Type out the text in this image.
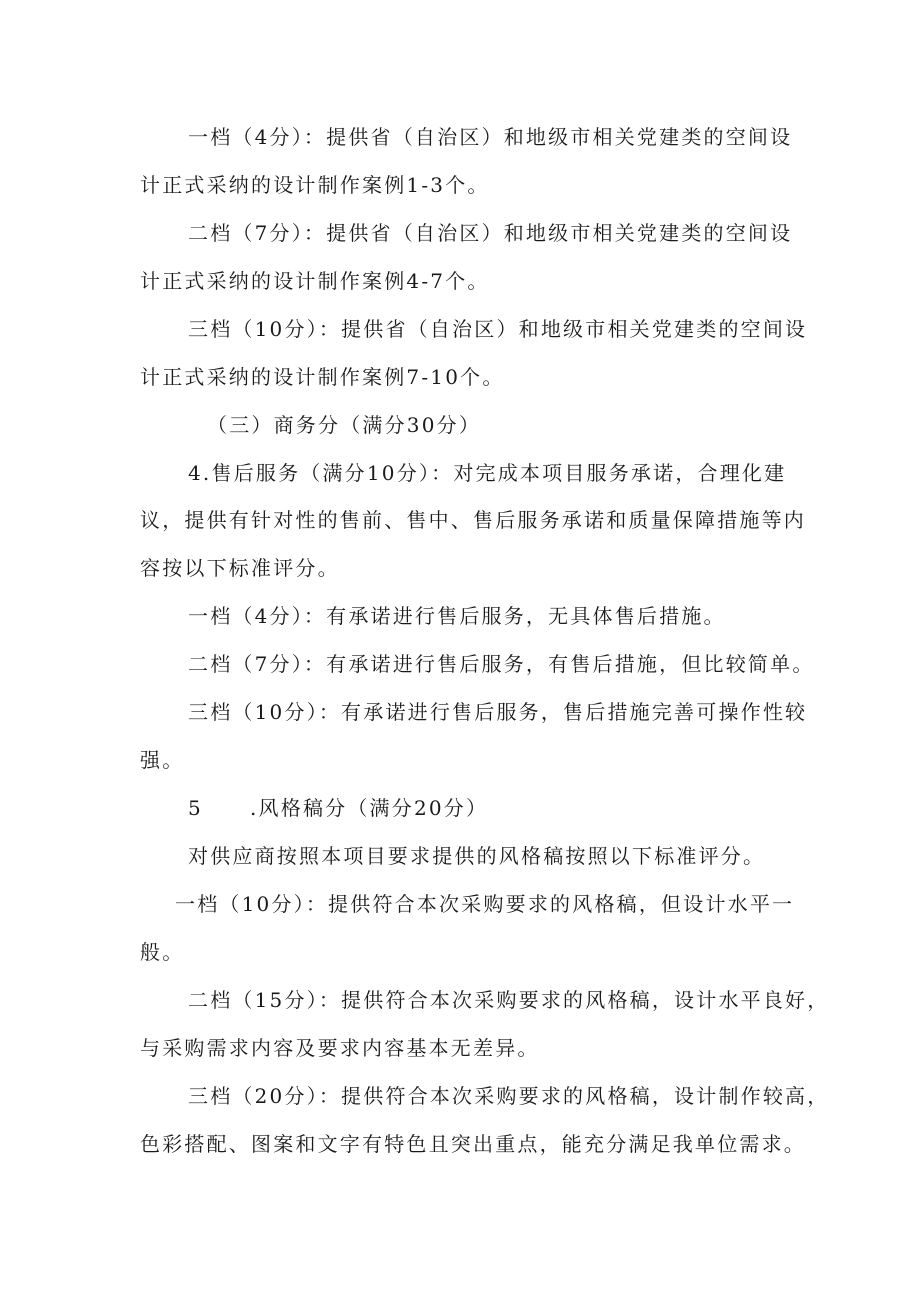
一档（4分）：提供省（自治区）和地级市相关党建类的空间设
计正式采纳的设计制作案例1-3个。
二档（7分）：提供省（自治区）和地级市相关党建类的空间设
计正式采纳的设计制作案例4-7个。
三档（10分）：提供省（自治区）和地级市相关党建类的空间设
计正式采纳的设计制作案例7-10个。
（三）商务分（满分30分）
4.售后服务（满分10分）：对完成本项目服务承诺，合理化建
议，提供有针对性的售前、售中、售后服务承诺和质量保障措施等内
容按以下标准评分。
一档（4分）：有承诺进行售后服务，无具体售后措施。
二档（7分）：有承诺进行售后服务，有售后措施，但比较简单。
三档（10分）：有承诺进行售后服务，售后措施完善可操作性较
强。
5 .风格稿分（满分20分）
对供应商按照本项目要求提供的风格稿按照以下标准评分。
一档（10分）：提供符合本次采购要求的风格稿，但设计水平一
般。
二档（15分）：提供符合本次采购要求的风格稿，设计水平良好，
与采购需求内容及要求内容基本无差异。
三档（20分）：提供符合本次采购要求的风格稿，设计制作较高，
色彩搭配、图案和文字有特色且突出重点，能充分满足我单位需求。
